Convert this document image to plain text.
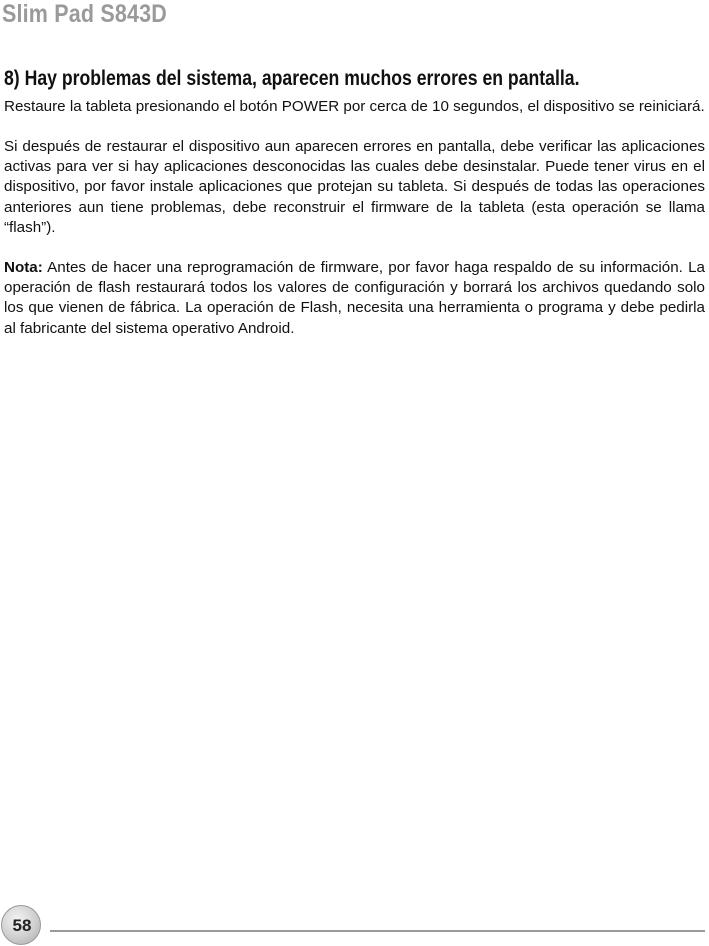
Slim Pad S843D
8) Hay problemas del sistema, aparecen muchos errores en pantalla.

Restaure la tableta presionando el botón POWER por cerca de 10 segundos, el dispositivo se reiniciará.

Si después de restaurar el dispositivo aun aparecen errores en pantalla, debe verificar las aplicaciones activas para ver si hay aplicaciones desconocidas las cuales debe desinstalar. Puede tener virus en el dispositivo, por favor instale aplicaciones que protejan su tableta. Si después de todas las operaciones anteriores aun tiene problemas, debe reconstruir el firmware de la tableta (esta operación se llama “flash”).

Nota: Antes de hacer una reprogramación de firmware, por favor haga respaldo de su información. La operación de flash restaurará todos los valores de configuración y borrará los archivos quedando solo los que vienen de fábrica. La operación de Flash, necesita una herramienta o programa y debe pedirla al fabricante del sistema operativo Android.

58
